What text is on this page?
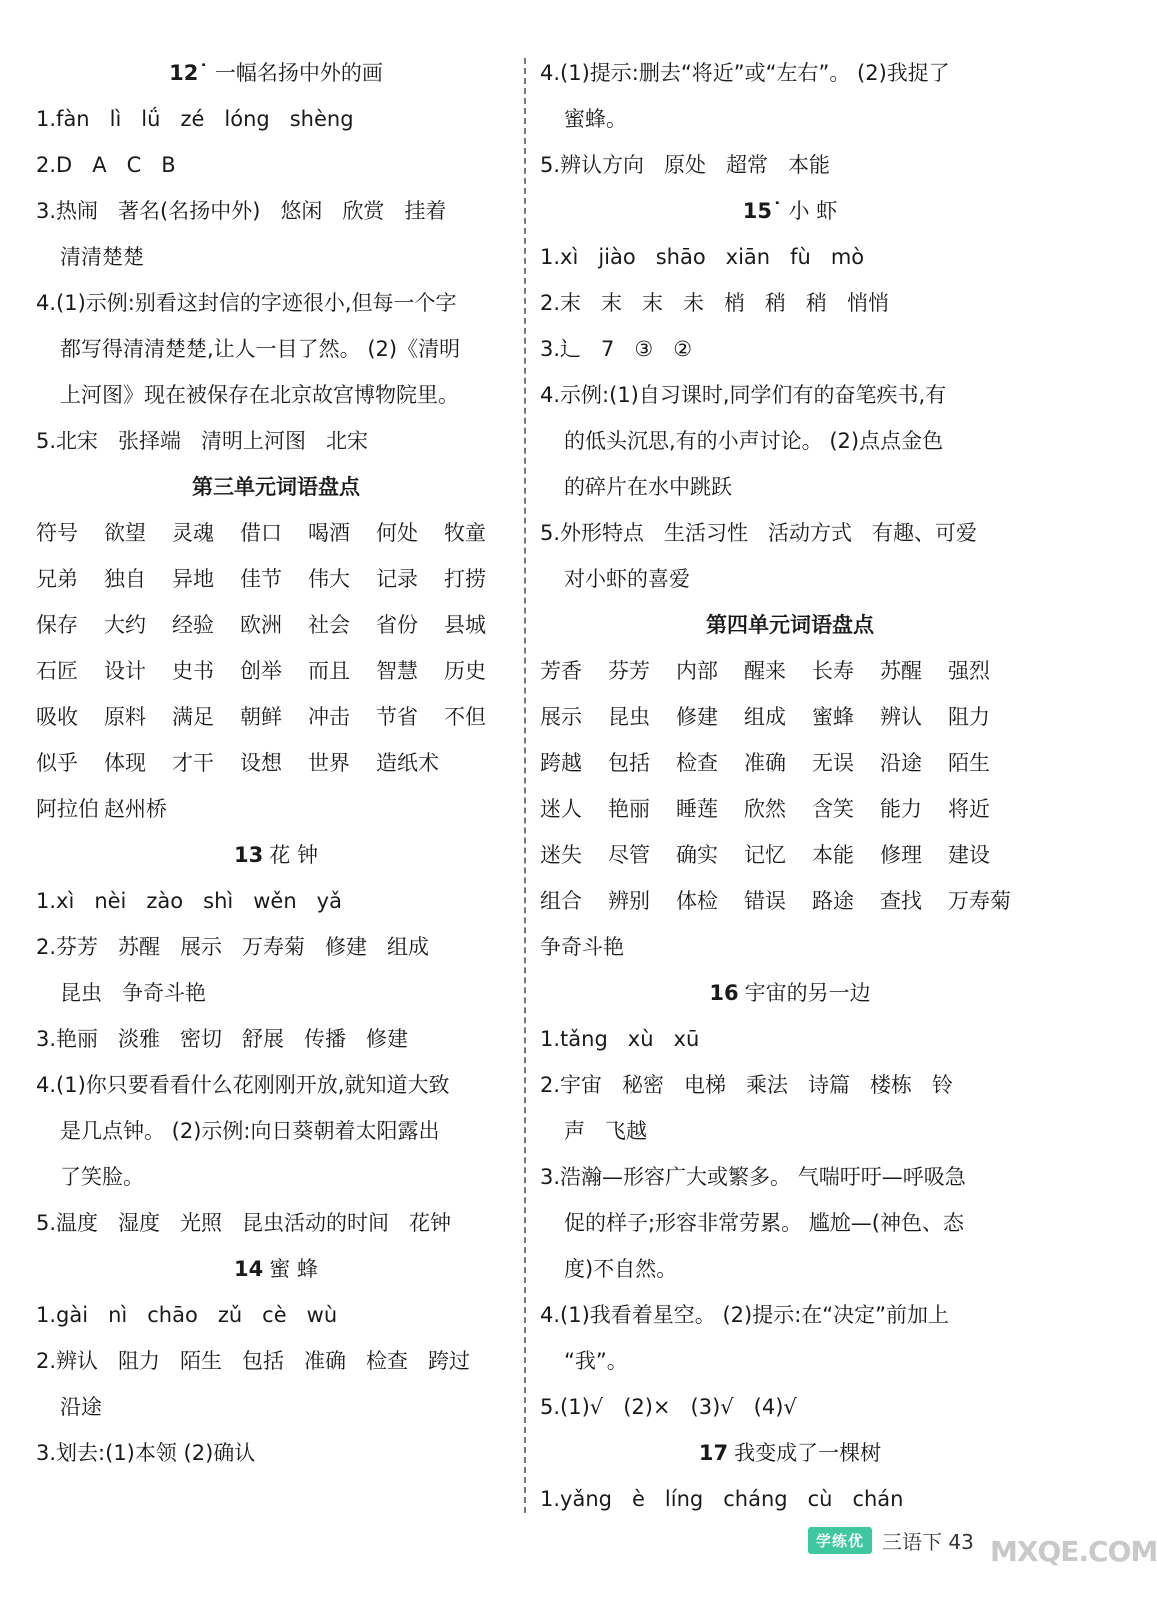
12˙ 一幅名扬中外的画
1.fàn lì lǘ zé lóng shèng
2.D A C B
3.热闹 著名(名扬中外) 悠闲 欣赏 挂着
清清楚楚
4.(1)示例:别看这封信的字迹很小,但每一个字
都写得清清楚楚,让人一目了然。 (2)《清明
上河图》现在被保存在北京故宫博物院里。
5.北宋 张择端 清明上河图 北宋
第三单元词语盘点
符号	欲望	灵魂	借口	喝酒	何处	牧童
兄弟	独自	异地	佳节	伟大	记录	打捞
保存	大约	经验	欧洲	社会	省份	县城
石匠	设计	史书	创举	而且	智慧	历史
吸收	原料	满足	朝鲜	冲击	节省	不但
似乎	体现	才干	设想	世界	造纸术
阿拉伯 赵州桥
13 花 钟
1.xì nèi zào shì wěn yǎ
2.芬芳 苏醒 展示 万寿菊 修建 组成
昆虫 争奇斗艳
3.艳丽 淡雅 密切 舒展 传播 修建
4.(1)你只要看看什么花刚刚开放,就知道大致
是几点钟。 (2)示例:向日葵朝着太阳露出
了笑脸。
5.温度 湿度 光照 昆虫活动的时间 花钟
14 蜜 蜂
1.gài nì chāo zǔ cè wù
2.辨认 阻力 陌生 包括 准确 检查 跨过
沿途
3.划去:(1)本领 (2)确认
4.(1)提示:删去“将近”或“左右”。 (2)我捉了
蜜蜂。
5.辨认方向 原处 超常 本能
15˙ 小 虾
1.xì jiào shāo xiān fù mò
2.末 末 末 未 梢 稍 稍 悄悄
3.辶 7 ③ ②
4.示例:(1)自习课时,同学们有的奋笔疾书,有
的低头沉思,有的小声讨论。 (2)点点金色
的碎片在水中跳跃
5.外形特点 生活习性 活动方式 有趣、可爱
对小虾的喜爱
第四单元词语盘点
芳香	芬芳	内部	醒来	长寿	苏醒	强烈
展示	昆虫	修建	组成	蜜蜂	辨认	阻力
跨越	包括	检查	准确	无误	沿途	陌生
迷人	艳丽	睡莲	欣然	含笑	能力	将近
迷失	尽管	确实	记忆	本能	修理	建设
组合	辨别	体检	错误	路途	查找	万寿菊
争奇斗艳
16 宇宙的另一边
1.tǎng xù xū
2.宇宙 秘密 电梯 乘法 诗篇 楼栋 铃
声 飞越
3.浩瀚—形容广大或繁多。 气喘吁吁—呼吸急
促的样子;形容非常劳累。 尴尬—(神色、态
度)不自然。
4.(1)我看着星空。 (2)提示:在“决定”前加上
“我”。
5.(1)√ (2)× (3)√ (4)√
17 我变成了一棵树
1.yǎng è líng cháng cù chán
学练优 三语下 43 MXQE.COM
